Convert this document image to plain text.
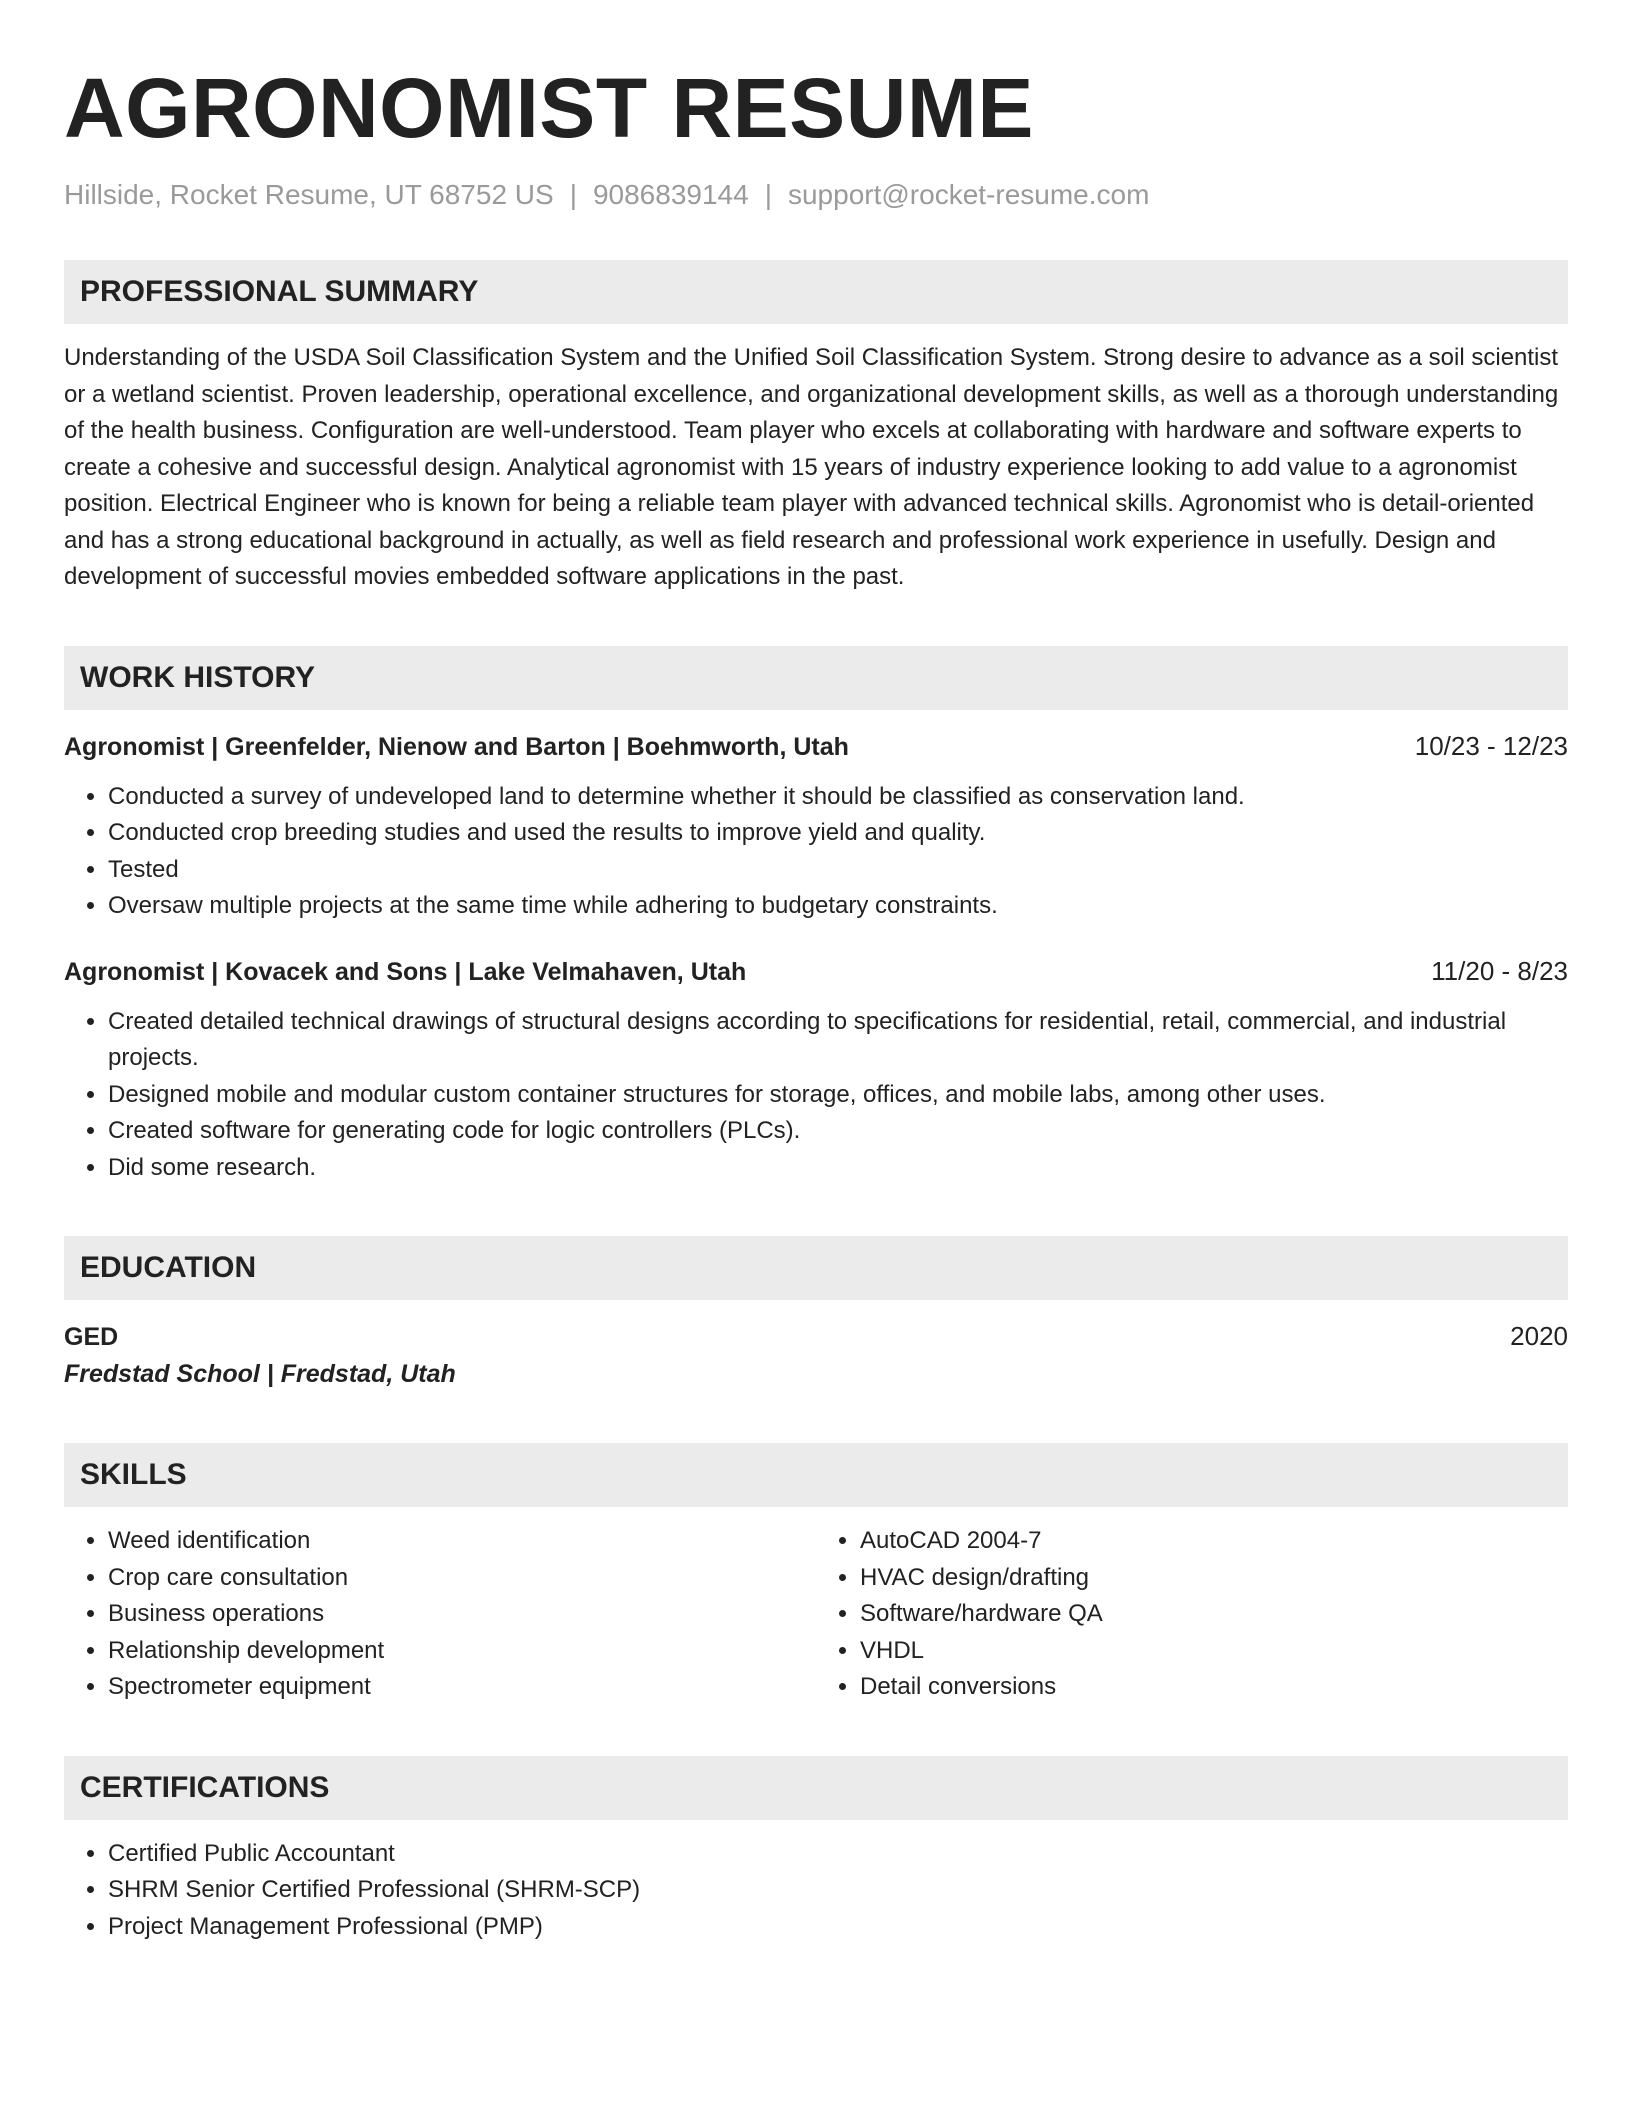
AGRONOMIST RESUME
Hillside, Rocket Resume, UT 68752 US | 9086839144 | support@rocket-resume.com
PROFESSIONAL SUMMARY

Understanding of the USDA Soil Classification System and the Unified Soil Classification System. Strong desire to advance as a soil scientist or a wetland scientist. Proven leadership, operational excellence, and organizational development skills, as well as a thorough understanding of the health business. Configuration are well-understood. Team player who excels at collaborating with hardware and software experts to create a cohesive and successful design. Analytical agronomist with 15 years of industry experience looking to add value to a agronomist position. Electrical Engineer who is known for being a reliable team player with advanced technical skills. Agronomist who is detail-oriented and has a strong educational background in actually, as well as field research and professional work experience in usefully. Design and development of successful movies embedded software applications in the past.

WORK HISTORY
Agronomist | Greenfelder, Nienow and Barton | Boehmworth, Utah	10/23 - 12/23
• Conducted a survey of undeveloped land to determine whether it should be classified as conservation land.
• Conducted crop breeding studies and used the results to improve yield and quality.
• Tested
• Oversaw multiple projects at the same time while adhering to budgetary constraints.
Agronomist | Kovacek and Sons | Lake Velmahaven, Utah	11/20 - 8/23
• Created detailed technical drawings of structural designs according to specifications for residential, retail, commercial, and industrial projects.
• Designed mobile and modular custom container structures for storage, offices, and mobile labs, among other uses.
• Created software for generating code for logic controllers (PLCs).
• Did some research.
EDUCATION
GED	2020
Fredstad School | Fredstad, Utah
SKILLS
• Weed identification
• Crop care consultation
• Business operations
• Relationship development
• Spectrometer equipment
• AutoCAD 2004-7
• HVAC design/drafting
• Software/hardware QA
• VHDL
• Detail conversions
CERTIFICATIONS
• Certified Public Accountant
• SHRM Senior Certified Professional (SHRM-SCP)
• Project Management Professional (PMP)
